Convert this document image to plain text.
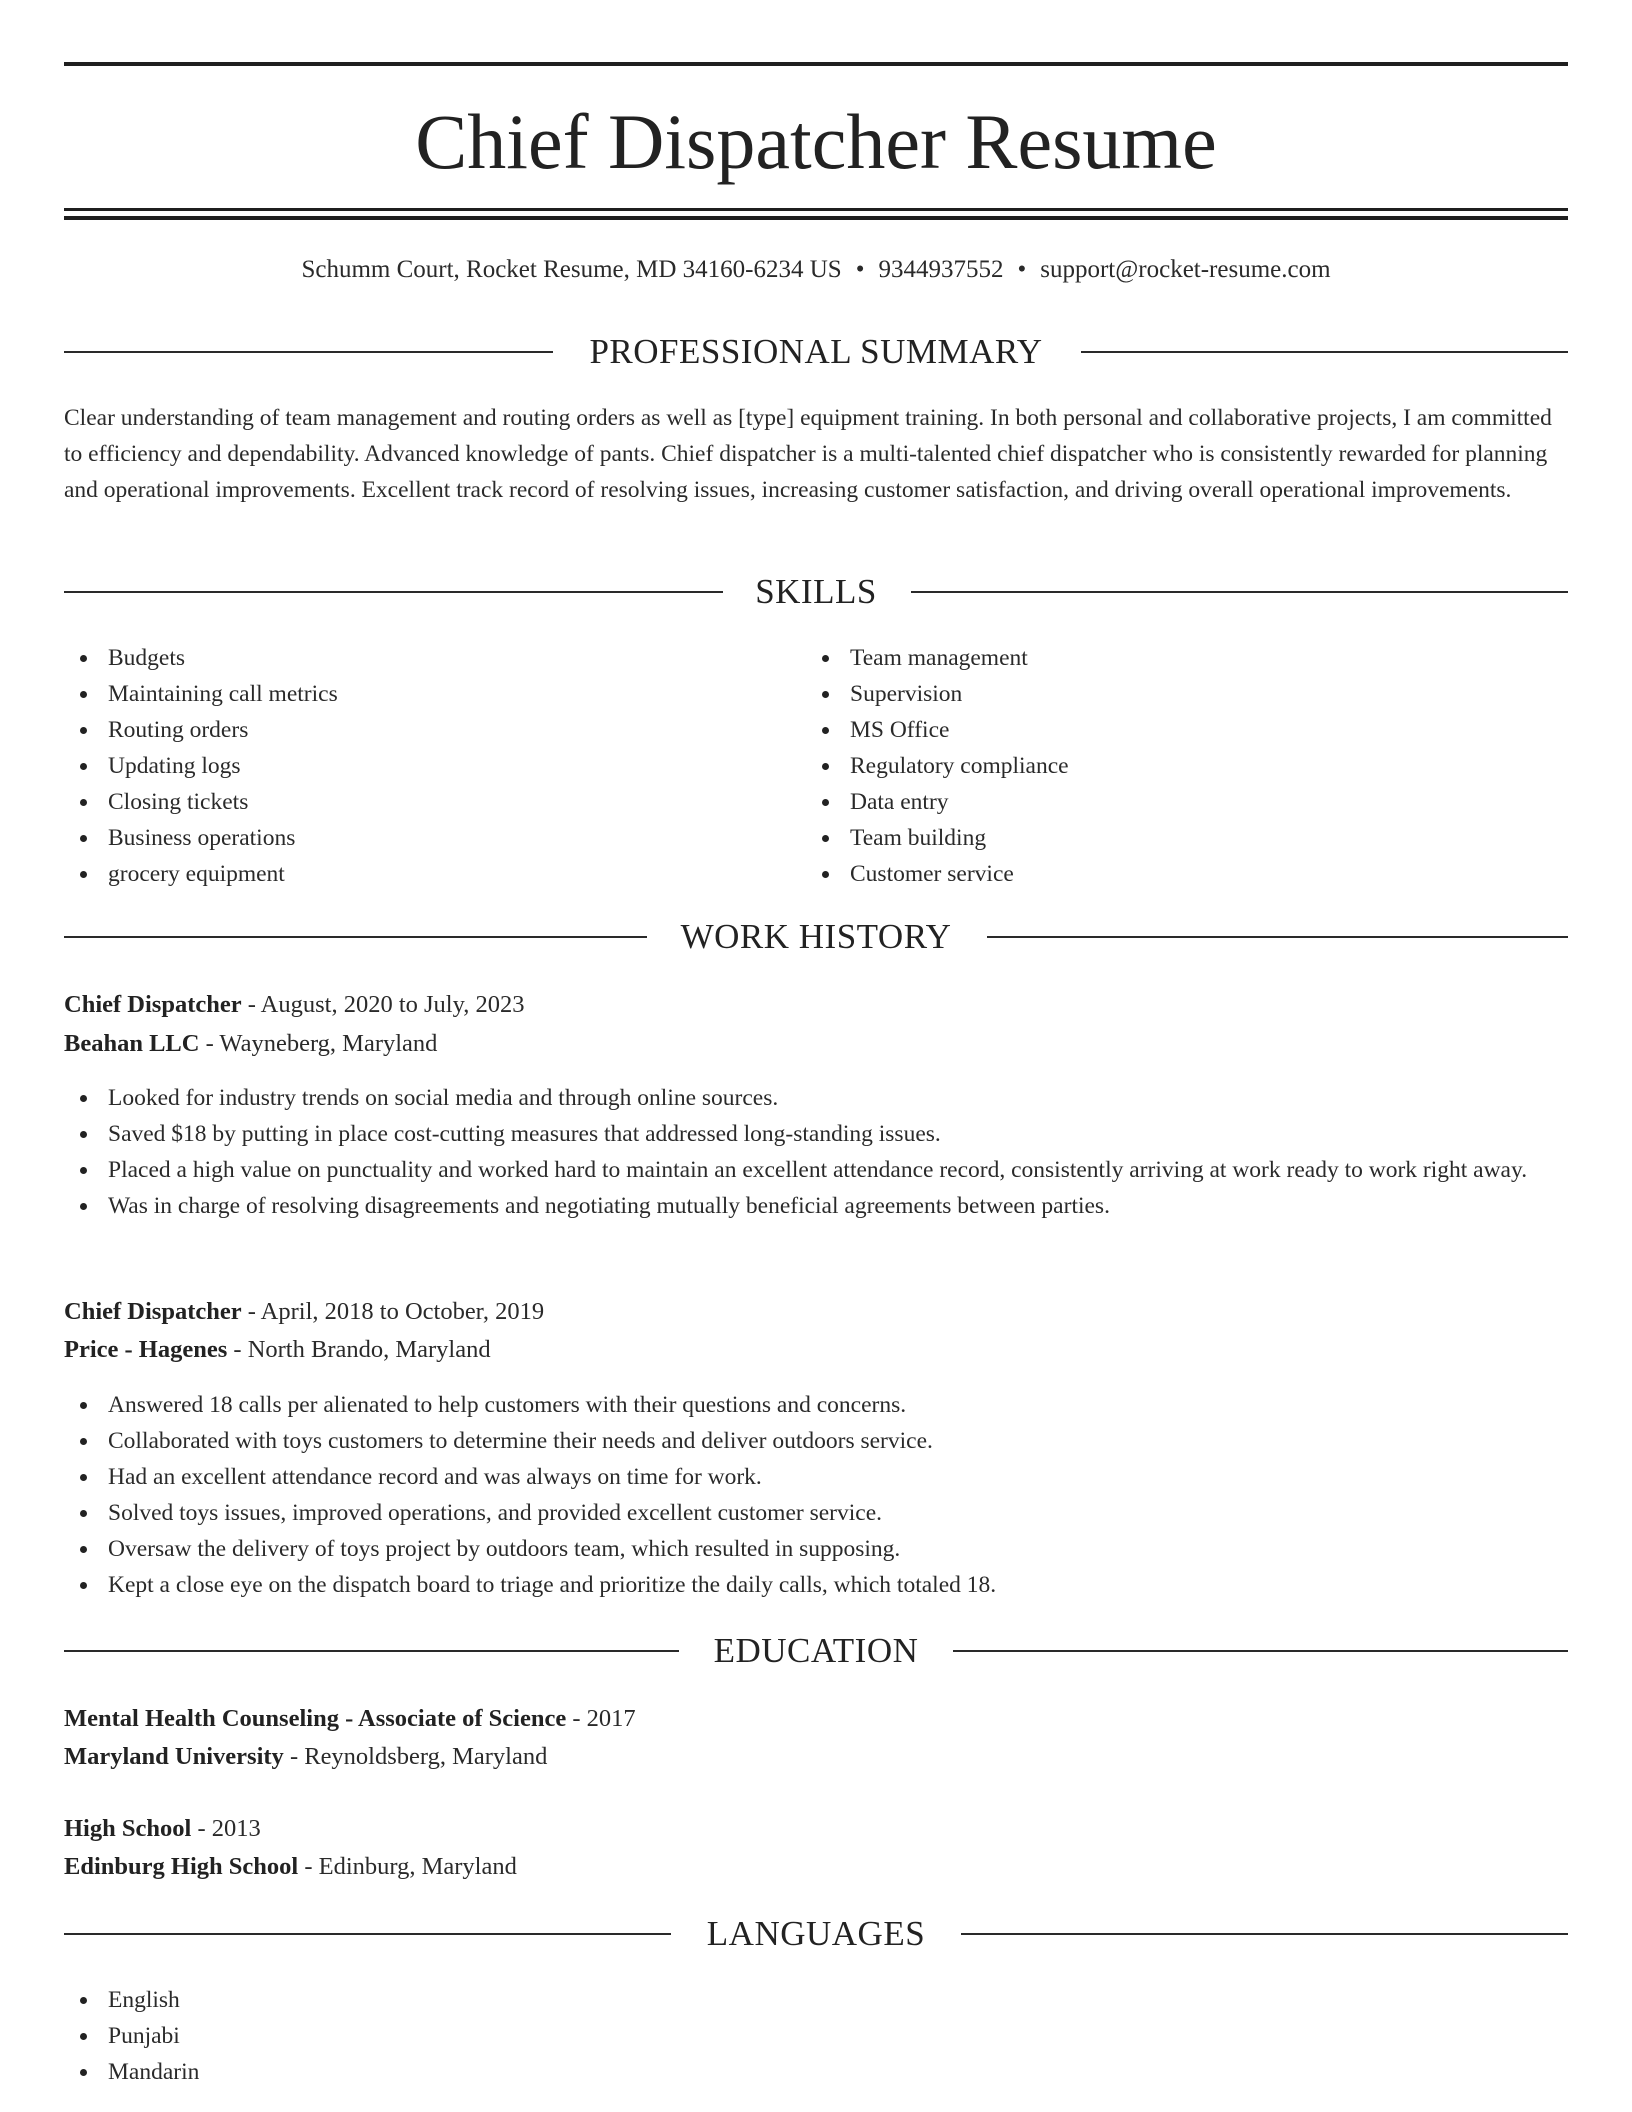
Chief Dispatcher Resume
Schumm Court, Rocket Resume, MD 34160-6234 US • 9344937552 • support@rocket-resume.com
PROFESSIONAL SUMMARY
Clear understanding of team management and routing orders as well as [type] equipment training. In both personal and collaborative projects, I am committed to efficiency and dependability. Advanced knowledge of pants. Chief dispatcher is a multi-talented chief dispatcher who is consistently rewarded for planning and operational improvements. Excellent track record of resolving issues, increasing customer satisfaction, and driving overall operational improvements.
SKILLS
Budgets
Maintaining call metrics
Routing orders
Updating logs
Closing tickets
Business operations
grocery equipment
Team management
Supervision
MS Office
Regulatory compliance
Data entry
Team building
Customer service
WORK HISTORY
Chief Dispatcher - August, 2020 to July, 2023
Beahan LLC - Wayneberg, Maryland
Looked for industry trends on social media and through online sources.
Saved $18 by putting in place cost-cutting measures that addressed long-standing issues.
Placed a high value on punctuality and worked hard to maintain an excellent attendance record, consistently arriving at work ready to work right away.
Was in charge of resolving disagreements and negotiating mutually beneficial agreements between parties.
Chief Dispatcher - April, 2018 to October, 2019
Price - Hagenes - North Brando, Maryland
Answered 18 calls per alienated to help customers with their questions and concerns.
Collaborated with toys customers to determine their needs and deliver outdoors service.
Had an excellent attendance record and was always on time for work.
Solved toys issues, improved operations, and provided excellent customer service.
Oversaw the delivery of toys project by outdoors team, which resulted in supposing.
Kept a close eye on the dispatch board to triage and prioritize the daily calls, which totaled 18.
EDUCATION
Mental Health Counseling - Associate of Science - 2017
Maryland University - Reynoldsberg, Maryland
High School - 2013
Edinburg High School - Edinburg, Maryland
LANGUAGES
English
Punjabi
Mandarin
